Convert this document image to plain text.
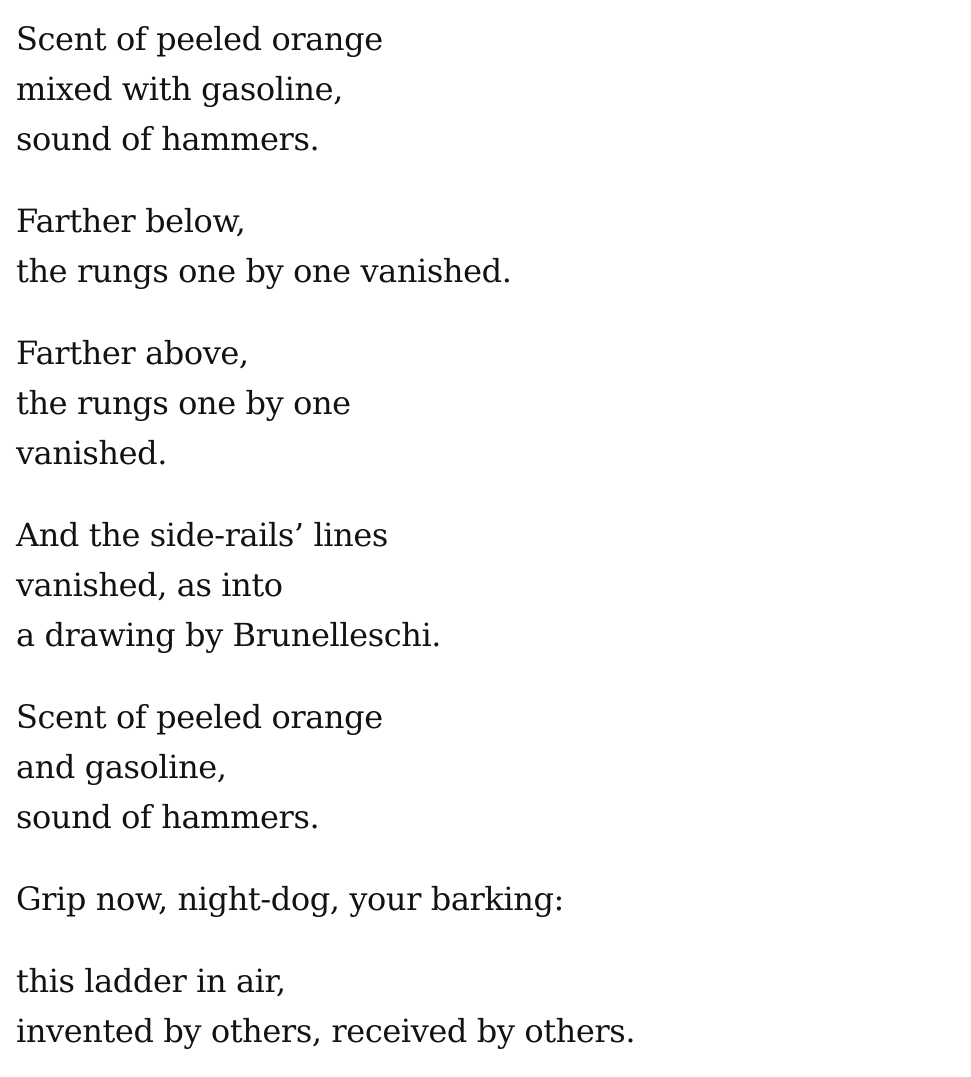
Scent of peeled orange
mixed with gasoline,
sound of hammers.
Farther below,
the rungs one by one vanished.
Farther above,
the rungs one by one
vanished.
And the side-rails’ lines
vanished, as into
a drawing by Brunelleschi.
Scent of peeled orange
and gasoline,
sound of hammers.
Grip now, night-dog, your barking:
this ladder in air,
invented by others, received by others.
